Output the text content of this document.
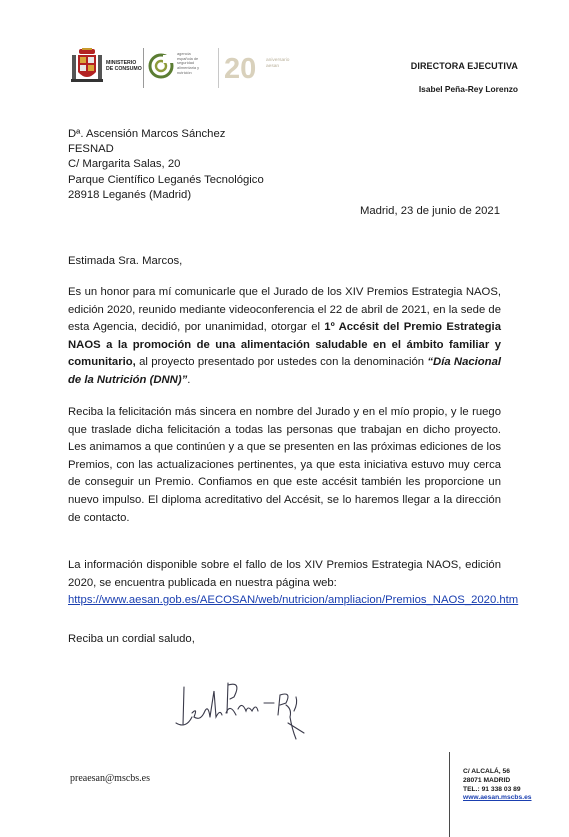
MINISTERIO
DE CONSUMO
agencia
española de
seguridad
alimentaria y
nutrición	20 aniversario
aesan	DIRECTORA EJECUTIVA
Isabel Peña-Rey Lorenzo
Dª. Ascensión Marcos Sánchez
FESNAD
C/ Margarita Salas, 20
Parque Científico Leganés Tecnológico
28918 Leganés (Madrid)
Madrid, 23 de junio de 2021
Estimada Sra. Marcos,
Es un honor para mí comunicarle que el Jurado de los XIV Premios Estrategia NAOS, edición 2020, reunido mediante videoconferencia el 22 de abril de 2021, en la sede de esta Agencia, decidió, por unanimidad, otorgar el 1º Accésit del Premio Estrategia NAOS a la promoción de una alimentación saludable en el ámbito familiar y comunitario, al proyecto presentado por ustedes con la denominación “Día Nacional de la Nutrición (DNN)”.
Reciba la felicitación más sincera en nombre del Jurado y en el mío propio, y le ruego que traslade dicha felicitación a todas las personas que trabajan en dicho proyecto. Les animamos a que continúen y a que se presenten en las próximas ediciones de los Premios, con las actualizaciones pertinentes, ya que esta iniciativa estuvo muy cerca de conseguir un Premio. Confiamos en que este accésit también les proporcione un nuevo impulso. El diploma acreditativo del Accésit, se lo haremos llegar a la dirección de contacto.
La información disponible sobre el fallo de los XIV Premios Estrategia NAOS, edición 2020, se encuentra publicada en nuestra página web:
https://www.aesan.gob.es/AECOSAN/web/nutricion/ampliacion/Premios_NAOS_2020.htm
Reciba un cordial saludo,
preaesan@mscbs.es
C/ ALCALÁ, 56
28071 MADRID
TEL.: 91 338 03 89
www.aesan.mscbs.es
